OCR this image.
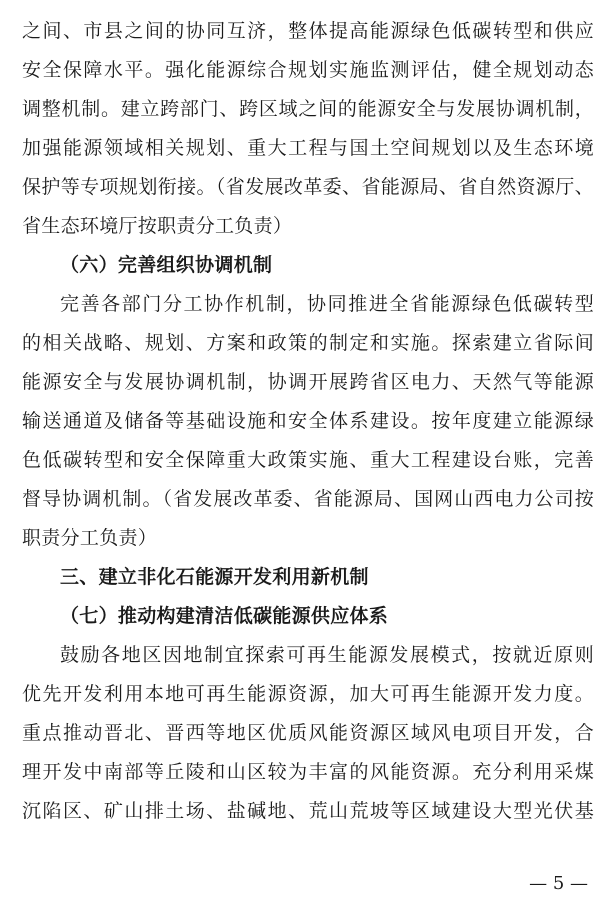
之间、市县之间的协同互济，整体提高能源绿色低碳转型和供应
安全保障水平。强化能源综合规划实施监测评估，健全规划动态
调整机制。建立跨部门、跨区域之间的能源安全与发展协调机制，
加强能源领域相关规划、重大工程与国土空间规划以及生态环境
保护等专项规划衔接。（省发展改革委、省能源局、省自然资源厅、
省生态环境厅按职责分工负责）
（六）完善组织协调机制
完善各部门分工协作机制，协同推进全省能源绿色低碳转型
的相关战略、规划、方案和政策的制定和实施。探索建立省际间
能源安全与发展协调机制，协调开展跨省区电力、天然气等能源
输送通道及储备等基础设施和安全体系建设。按年度建立能源绿
色低碳转型和安全保障重大政策实施、重大工程建设台账，完善
督导协调机制。（省发展改革委、省能源局、国网山西电力公司按
职责分工负责）
三、建立非化石能源开发利用新机制
（七）推动构建清洁低碳能源供应体系
鼓励各地区因地制宜探索可再生能源发展模式，按就近原则
优先开发利用本地可再生能源资源，加大可再生能源开发力度。
重点推动晋北、晋西等地区优质风能资源区域风电项目开发，合
理开发中南部等丘陵和山区较为丰富的风能资源。充分利用采煤
沉陷区、矿山排土场、盐碱地、荒山荒坡等区域建设大型光伏基
— 5 —
